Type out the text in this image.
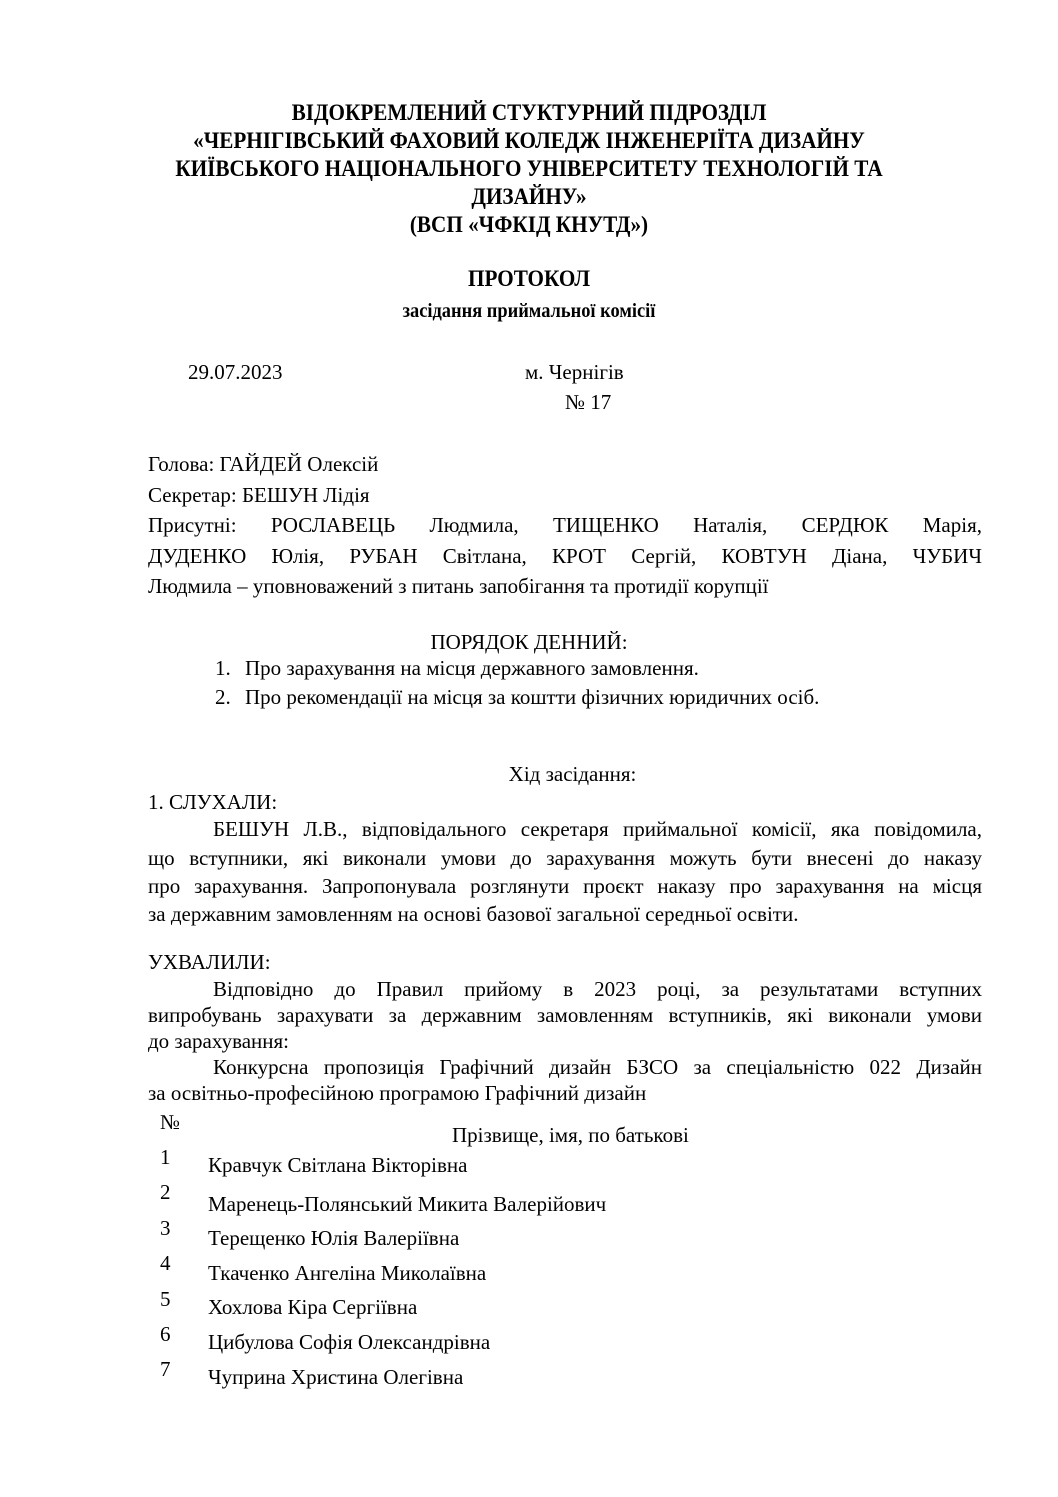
ВІДОКРЕМЛЕНИЙ СТУКТУРНИЙ ПІДРОЗДІЛ
«ЧЕРНІГІВСЬКИЙ ФАХОВИЙ КОЛЕДЖ ІНЖЕНЕРІЇТА ДИЗАЙНУ
КИЇВСЬКОГО НАЦІОНАЛЬНОГО УНІВЕРСИТЕТУ ТЕХНОЛОГІЙ ТА
ДИЗАЙНУ»
(ВСП «ЧФКІД КНУТД»)
ПРОТОКОЛ
засідання приймальної комісії
29.07.2023	м. Чернігів
№ 17
Голова: ГАЙДЕЙ Олексій
Секретар: БЕШУН Лідія
Присутні: РОСЛАВЕЦЬ Людмила, ТИЩЕНКО Наталія, СЕРДЮК Марія,
ДУДЕНКО Юлія, РУБАН Світлана, КРОТ Сергій, КОВТУН Діана, ЧУБИЧ
Людмила – уповноважений з питань запобігання та протидії корупції
ПОРЯДОК ДЕННИЙ:
1. Про зарахування на місця державного замовлення.
2. Про рекомендації на місця за коштти фізичних юридичних осіб.
Хід засідання:
1. СЛУХАЛИ:
БЕШУН Л.В., відповідального секретаря приймальної комісії, яка повідомила,
що вступники, які виконали умови до зарахування можуть бути внесені до наказу
про зарахування. Запропонувала розглянути проєкт наказу про зарахування на місця
за державним замовленням на основі базової загальної середньої освіти.
УХВАЛИЛИ:
Відповідно до Правил прийому в 2023 році, за результатами вступних
випробувань зарахувати за державним замовленням вступників, які виконали умови
до зарахування:
Конкурсна пропозиція Графічний дизайн БЗСО за спеціальністю 022 Дизайн
за освітньо-професійною програмою Графічний дизайн
№
Прізвище, імя, по батькові
1 Кравчук Світлана Вікторівна
2 Маренець-Полянський Микита Валерійович
3 Терещенко Юлія Валеріївна
4 Ткаченко Ангеліна Миколаївна
5 Хохлова Кіра Сергіївна
6 Цибулова Софія Олександрівна
7 Чуприна Христина Олегівна
